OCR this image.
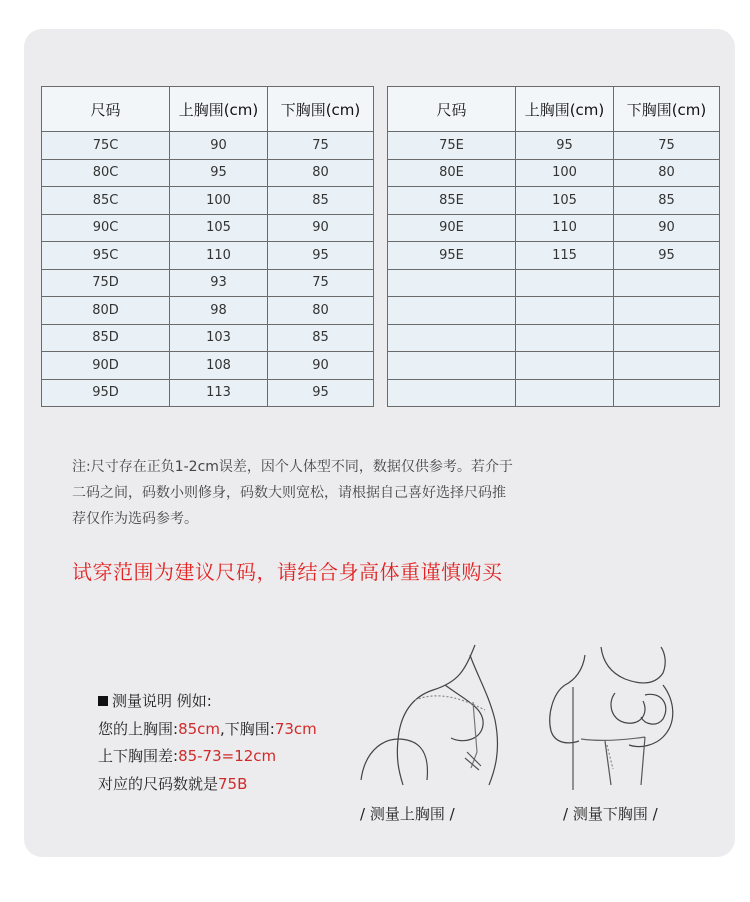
尺码	上胸围(cm)	下胸围(cm)
75C	90	75
80C	95	80
85C	100	85
90C	105	90
95C	110	95
75D	93	75
80D	98	80
85D	103	85
90D	108	90
95D	113	95
尺码	上胸围(cm)	下胸围(cm)
75E	95	75
80E	100	80
85E	105	85
90E	110	90
95E	115	95

注:尺寸存在正负1-2cm误差，因个人体型不同，数据仅供参考。若介于
二码之间，码数小则修身，码数大则宽松，请根据自己喜好选择尺码推
荐仅作为选码参考。
试穿范围为建议尺码，请结合身高体重谨慎购买
测量说明 例如:
您的上胸围:85cm,下胸围:73cm
上下胸围差:85-73=12cm
对应的尺码数就是75B
/ 测量上胸围 /	/ 测量下胸围 /
